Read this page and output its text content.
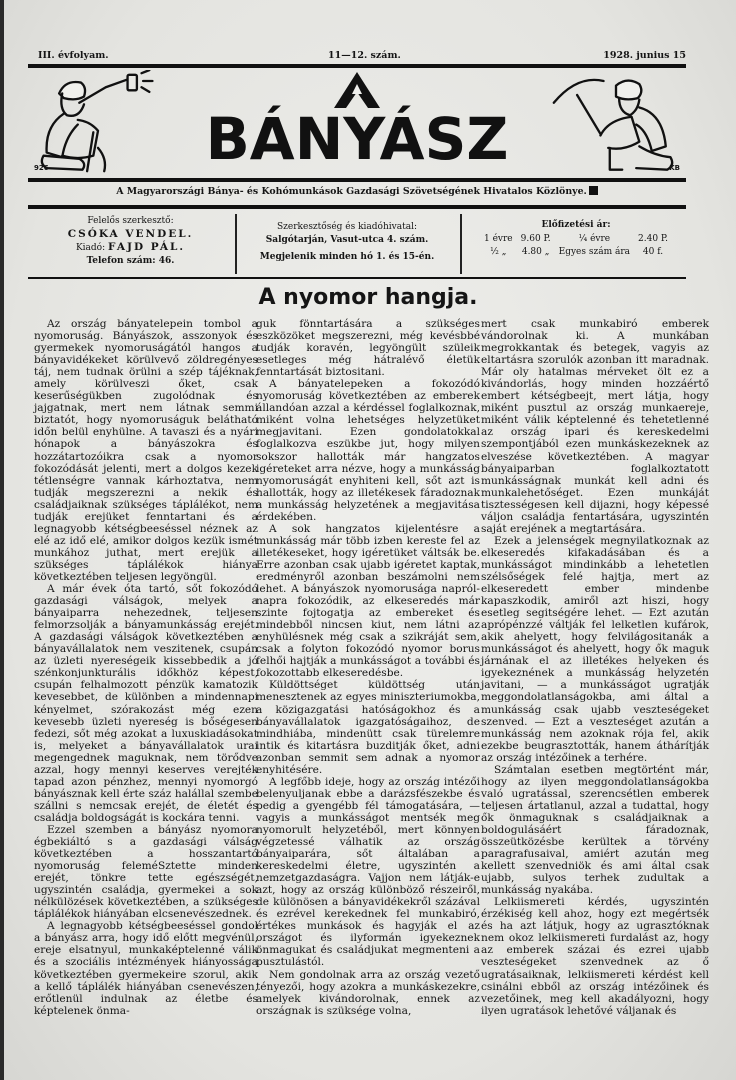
III. évfolyam.	11—12. szám.	1928. junius 15
926	BÁNYÁSZ	KB
A Magyarországi Bánya- és Kohómunkások Gazdasági Szövetségének Hivatalos Közlönye.
Felelős szerkesztő:
CSÓKA VENDEL.
Kiadó: FAJD PÁL.
Telefon szám: 46.
Szerkesztőség és kiadóhivatal:
Salgótarján, Vasut-utca 4. szám.
Megjelenik minden hó 1. és 15-én.
Előfizetési ár:
1 évre 9.60 P.	¼ évre	2.40 P.
½ „	4.80 „ Egyes szám ára	40 f.
A nyomor hangja.

Az ország bányatelepein tombol a nyomoruság. Bányászok, asszonyok és gyermekek nyomoruságától hangos a bányavidékeket körülvevő zöldregényes táj, nem tudnak örülni a szép tájéknak, amely körülveszi őket, csak keserűségükben zugolódnak és jajgatnak, mert nem látnak semmi biztatót, hogy nyomoruságuk belátható időn belül enyhülne. A tavaszi és a nyári hónapok a bányászokra és hozzátartozóikra csak a nyomor fokozódását jelenti, mert a dolgos kezek tétlenségre vannak kárhoztatva, nem tudják megszerezni a nekik és családjaiknak szükséges táplálékot, nem tudják erejüket fenntartani és a legnagyobb kétségbeeséssel néznek az elé az idő elé, amikor dolgos kezük ismét munkához juthat, mert erejük a szükséges táplálékok hiánya következtében teljesen legyöngül.

A már évek óta tartó, sőt fokozódó gazdasági válságok, melyek a bányaiparra nehezednek, teljesen felmorzsolják a bányamunkásság erejét. A gazdasági válságok következtében a bányavállalatok nem veszitenek, csupán az üzleti nyereségeik kissebbedik a jó szénkonjunkturális időkhöz képest, csupán felhalmozott pénzük kamatozik kevesebbet, de különben a mindennapi kényelmet, szórakozást még ezen kevesebb üzleti nyereség is bőségesen fedezi, sőt még azokat a luxuskiadásokat is, melyeket a bányavállalatok urai megengednek maguknak, nem törődve azzal, hogy mennyi keserves verejték tapad azon pénzhez, mennyi nyomorgó bányásznak kell érte száz halállal szembe szállni s nemcsak erejét, de életét és családja boldogságát is kockára tenni.

Ezzel szemben a bányász nyomora égbekiáltó s a gazdasági válság következtében a hosszantartó nyomoruság feleméSztette minden erejét, tönkre tette egészségét, ugyszintén családja, gyermekei a sok nélkülözések következtében, a szükséges táplálékok hiányában elcsenevészednek.

A legnagyobb kétségbeeséssel gondol a bányász arra, hogy idő előtt megvénül, ereje elsatnyul, munkaképtelenné válik és a szociális intézmények hiányossága következtében gyermekeire szorul, akik a kellő táplálék hiányában csenevészen, erőtlenül indulnak az életbe és képtelenek önma-

guk fönntartására a szükséges eszközöket megszerezni, még kevésbbé tudják koravén, legyöngült szüleik esetleges még hátralévő életük fenntartását biztositani.

A bányatelepeken a fokozódó nyomoruság következtében az emberek állandóan azzal a kérdéssel foglalkoznak, miként volna lehetséges helyzetüket megjavitani. Ezen gondolatokkal foglalkozva eszükbe jut, hogy milyen sokszor hallották már hangzatos igéreteket arra nézve, hogy a munkásság nyomoruságát enyhiteni kell, sőt azt is hallották, hogy az illetékesek fáradoznak a munkásság helyzetének a megjavitása érdekében.

A sok hangzatos kijelentésre a munkásság már több izben kereste fel az illetékeseket, hogy igéretüket váltsák be. Erre azonban csak ujabb igéretet kaptak, eredményről azonban beszámolni nem lehet. A bányászok nyomorusága napról-napra fokozódik, az elkeseredés már szinte fojtogatja az embereket és mindebből nincsen kiut, nem látni az enyhülésnek még csak a szikráját sem, csak a folyton fokozódó nyomor borus felhői hajtják a munkásságot a további és fokozottabb elkeseredésbe.

Küldöttséget küldöttség után menesztenek az egyes miniszteriumokba, a közigazgatási hatóságokhoz és a bányavállalatok igazgatóságaihoz, de mindhiába, mindenütt csak türelemre intik és kitartásra buzditják őket, adni azonban semmit sem adnak a nyomor enyhitésére.

A legfőbb ideje, hogy az ország intézői belenyuljanak ebbe a darázsfészekbe és pedig a gyengébb fél támogatására, — vagyis a munkásságot mentsék meg nyomorult helyzetéből, mert könnyen végzetessé válhatik az ország bányaiparára, sőt általában a kereskedelmi életre, ugyszintén a nemzetgazdaságra. Vajjon nem látják-e azt, hogy az ország különböző részeiről, de különösen a bányavidékekről százával és ezrével kerekednek fel munkabiró, értékes munkások és hagyják el az országot és ilyformán igyekeznek önmagukat és családjukat megmenteni a pusztulástól.

Nem gondolnak arra az ország vezető tényezői, hogy azokra a munkáskezekre, amelyek kivándorolnak, ennek az országnak is szüksége volna,

mert csak munkabiró emberek vándorolnak ki. A munkában megrokkantak és betegek, vagyis az eltartásra szorulók azonban itt maradnak. Már oly hatalmas mérveket ölt ez a kivándorlás, hogy minden hozzáértő embert kétségbeejt, mert látja, hogy miként pusztul az ország munkaereje, miként válik képtelenné és tehetetlenné az ország ipari és kereskedelmi szempontjából ezen munkáskezeknek az elveszése következtében. A magyar bányaiparban foglalkoztatott munkásságnak munkát kell adni és munkalehetőséget. Ezen munkáját tisztességesen kell dijazni, hogy képessé váljon családja fentartására, ugyszintén saját erejének a megtartására.

Ezek a jelenségek megnyilatkoznak az elkeseredés kifakadásában és a munkásságot mindinkább a lehetetlen szélsőségek felé hajtja, mert az elkeseredett ember mindenbe kapaszkodik, amiről azt hiszi, hogy esetleg segitségére lehet. — Ezt azután aprópénzzé váltják fel lelketlen kufárok, akik ahelyett, hogy felvilágositanák a munkásságot és ahelyett, hogy ők maguk járnának el az illetékes helyeken és igyekeznének a munkásság helyzetén javitani, — a munkásságot ugratják meggondolatlanságokba, ami által a munkásság csak ujabb veszteségeket szenved. — Ezt a veszteséget azután a munkásság nem azoknak rója fel, akik ezekbe beugrasztották, hanem áthárítják az ország intézőinek a terhére.

Számtalan esetben megtörtént már, hogy az ilyen meggondolatlanságokba való ugratással, szerencsétlen emberek teljesen ártatlanul, azzal a tudattal, hogy ők önmaguknak s családjaiknak a boldogulásáért fáradoznak, összeütközésbe kerültek a törvény paragrafusaival, amiért azután meg kellett szenvedniök és ami által csak ujabb, sulyos terhek zudultak a munkásság nyakába.

Lelkiismereti kérdés, ugyszintén érzékiség kell ahoz, hogy ezt megértsék és ha azt látjuk, hogy az ugrasztóknak nem okoz lelkiismereti furdalást az, hogy az emberek százai és ezrei ujabb veszteségeket szenvednek az ő ugratásaiknak, lelkiismereti kérdést kell csinálni ebből az ország intézőinek és vezetőinek, meg kell akadályozni, hogy ilyen ugratások lehetővé váljanak és
